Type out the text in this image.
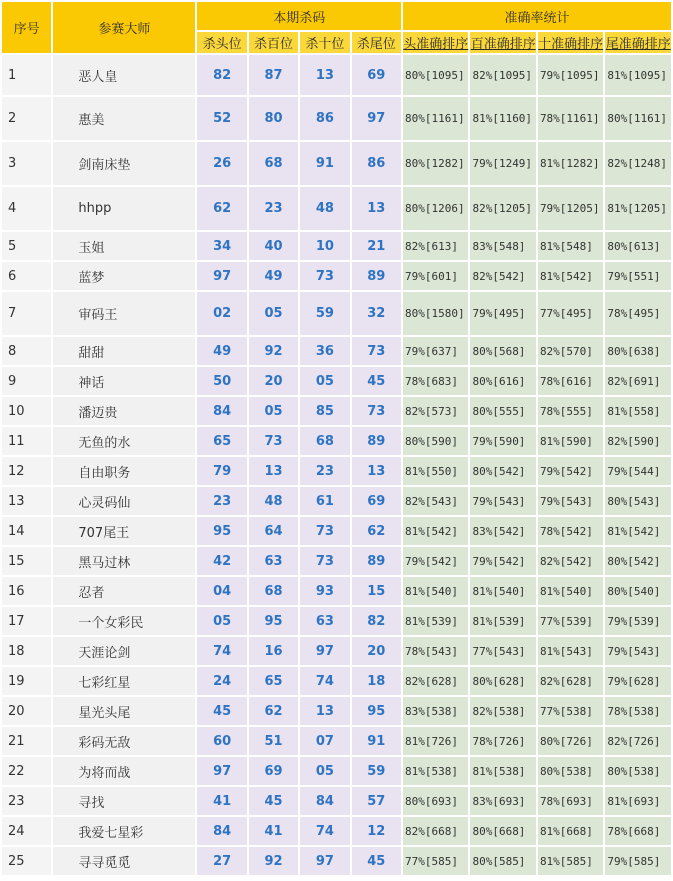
序号	参赛大师	本期杀码				准确率统计			
		杀头位	杀百位	杀十位	杀尾位	头准确排序	百准确排序	十准确排序	尾准确排序
1	恶人皇	82	87	13	69	80%[1095]	82%[1095]	79%[1095]	81%[1095]
2	惠美	52	80	86	97	80%[1161]	81%[1160]	78%[1161]	80%[1161]
3	剑南床垫	26	68	91	86	80%[1282]	79%[1249]	81%[1282]	82%[1248]
4	hhpp	62	23	48	13	80%[1206]	82%[1205]	79%[1205]	81%[1205]
5	玉姐	34	40	10	21	82%[613]	83%[548]	81%[548]	80%[613]
6	蓝梦	97	49	73	89	79%[601]	82%[542]	81%[542]	79%[551]
7	审码王	02	05	59	32	80%[1580]	79%[495]	77%[495]	78%[495]
8	甜甜	49	92	36	73	79%[637]	80%[568]	82%[570]	80%[638]
9	神话	50	20	05	45	78%[683]	80%[616]	78%[616]	82%[691]
10	潘迈贵	84	05	85	73	82%[573]	80%[555]	78%[555]	81%[558]
11	无鱼的水	65	73	68	89	80%[590]	79%[590]	81%[590]	82%[590]
12	自由职务	79	13	23	13	81%[550]	80%[542]	79%[542]	79%[544]
13	心灵码仙	23	48	61	69	82%[543]	79%[543]	79%[543]	80%[543]
14	707尾王	95	64	73	62	81%[542]	83%[542]	78%[542]	81%[542]
15	黑马过林	42	63	73	89	79%[542]	79%[542]	82%[542]	80%[542]
16	忍者	04	68	93	15	81%[540]	81%[540]	81%[540]	80%[540]
17	一个女彩民	05	95	63	82	81%[539]	81%[539]	77%[539]	79%[539]
18	天涯论剑	74	16	97	20	78%[543]	77%[543]	81%[543]	79%[543]
19	七彩红星	24	65	74	18	82%[628]	80%[628]	82%[628]	79%[628]
20	星光头尾	45	62	13	95	83%[538]	82%[538]	77%[538]	78%[538]
21	彩码无敌	60	51	07	91	81%[726]	78%[726]	80%[726]	82%[726]
22	为将而战	97	69	05	59	81%[538]	81%[538]	80%[538]	80%[538]
23	寻找	41	45	84	57	80%[693]	83%[693]	78%[693]	81%[693]
24	我爱七星彩	84	41	74	12	82%[668]	80%[668]	81%[668]	78%[668]
25	寻寻觅觅	27	92	97	45	77%[585]	80%[585]	81%[585]	79%[585]
